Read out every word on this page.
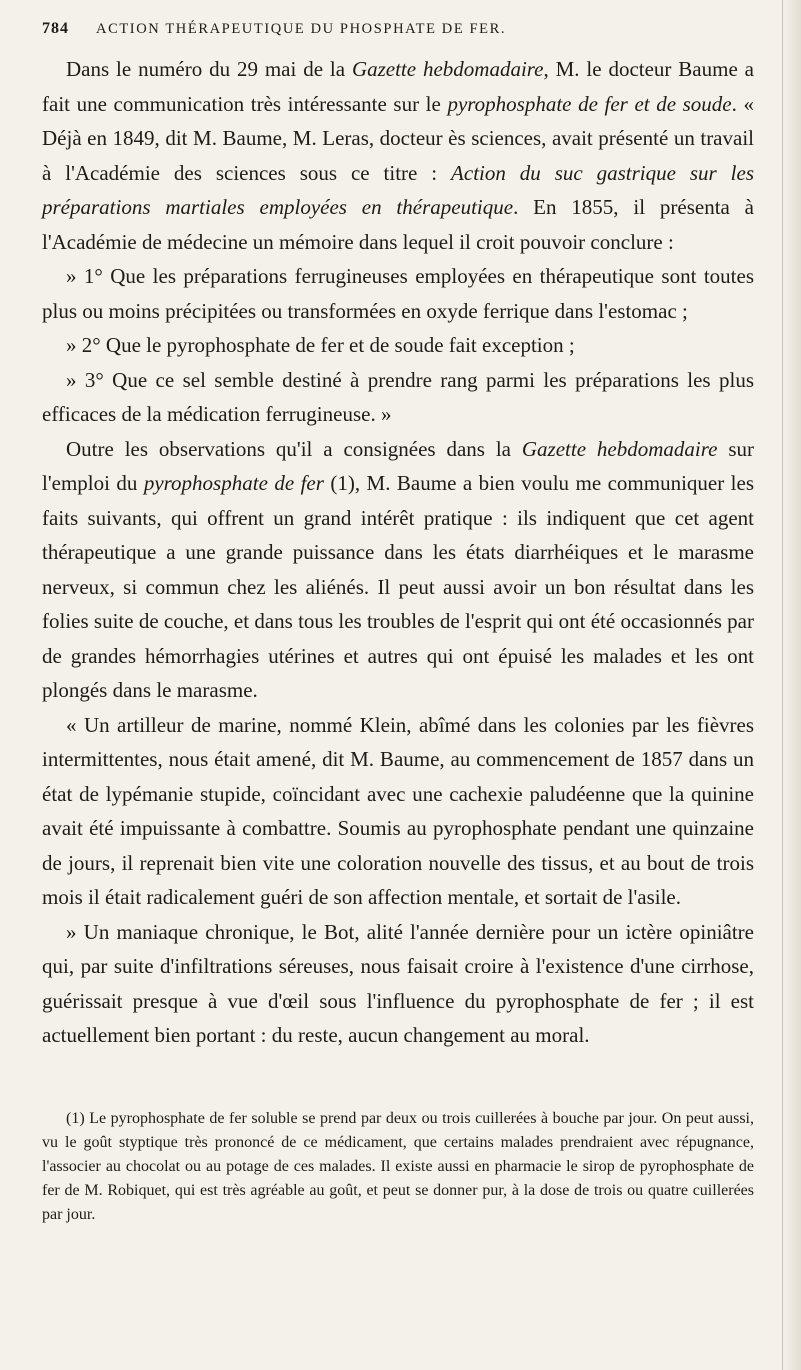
784 ACTION THÉRAPEUTIQUE DU PHOSPHATE DE FER.

Dans le numéro du 29 mai de la Gazette hebdomadaire, M. le docteur Baume a fait une communication très intéressante sur le pyrophosphate de fer et de soude. « Déjà en 1849, dit M. Baume, M. Leras, docteur ès sciences, avait présenté un travail à l'Académie des sciences sous ce titre : Action du suc gastrique sur les préparations martiales employées en thérapeutique. En 1855, il présenta à l'Académie de médecine un mémoire dans lequel il croit pouvoir conclure :

» 1° Que les préparations ferrugineuses employées en thérapeutique sont toutes plus ou moins précipitées ou transformées en oxyde ferrique dans l'estomac ;

» 2° Que le pyrophosphate de fer et de soude fait exception ;

» 3° Que ce sel semble destiné à prendre rang parmi les préparations les plus efficaces de la médication ferrugineuse. »

Outre les observations qu'il a consignées dans la Gazette hebdomadaire sur l'emploi du pyrophosphate de fer (1), M. Baume a bien voulu me communiquer les faits suivants, qui offrent un grand intérêt pratique : ils indiquent que cet agent thérapeutique a une grande puissance dans les états diarrhéiques et le marasme nerveux, si commun chez les aliénés. Il peut aussi avoir un bon résultat dans les folies suite de couche, et dans tous les troubles de l'esprit qui ont été occasionnés par de grandes hémorrhagies utérines et autres qui ont épuisé les malades et les ont plongés dans le marasme.

« Un artilleur de marine, nommé Klein, abîmé dans les colonies par les fièvres intermittentes, nous était amené, dit M. Baume, au commencement de 1857 dans un état de lypémanie stupide, coïncidant avec une cachexie paludéenne que la quinine avait été impuissante à combattre. Soumis au pyrophosphate pendant une quinzaine de jours, il reprenait bien vite une coloration nouvelle des tissus, et au bout de trois mois il était radicalement guéri de son affection mentale, et sortait de l'asile.

» Un maniaque chronique, le Bot, alité l'année dernière pour un ictère opiniâtre qui, par suite d'infiltrations séreuses, nous faisait croire à l'existence d'une cirrhose, guérissait presque à vue d'œil sous l'influence du pyrophosphate de fer ; il est actuellement bien portant : du reste, aucun changement au moral.

(1) Le pyrophosphate de fer soluble se prend par deux ou trois cuillerées à bouche par jour. On peut aussi, vu le goût styptique très prononcé de ce médicament, que certains malades prendraient avec répugnance, l'associer au chocolat ou au potage de ces malades. Il existe aussi en pharmacie le sirop de pyrophosphate de fer de M. Robiquet, qui est très agréable au goût, et peut se donner pur, à la dose de trois ou quatre cuillerées par jour.
